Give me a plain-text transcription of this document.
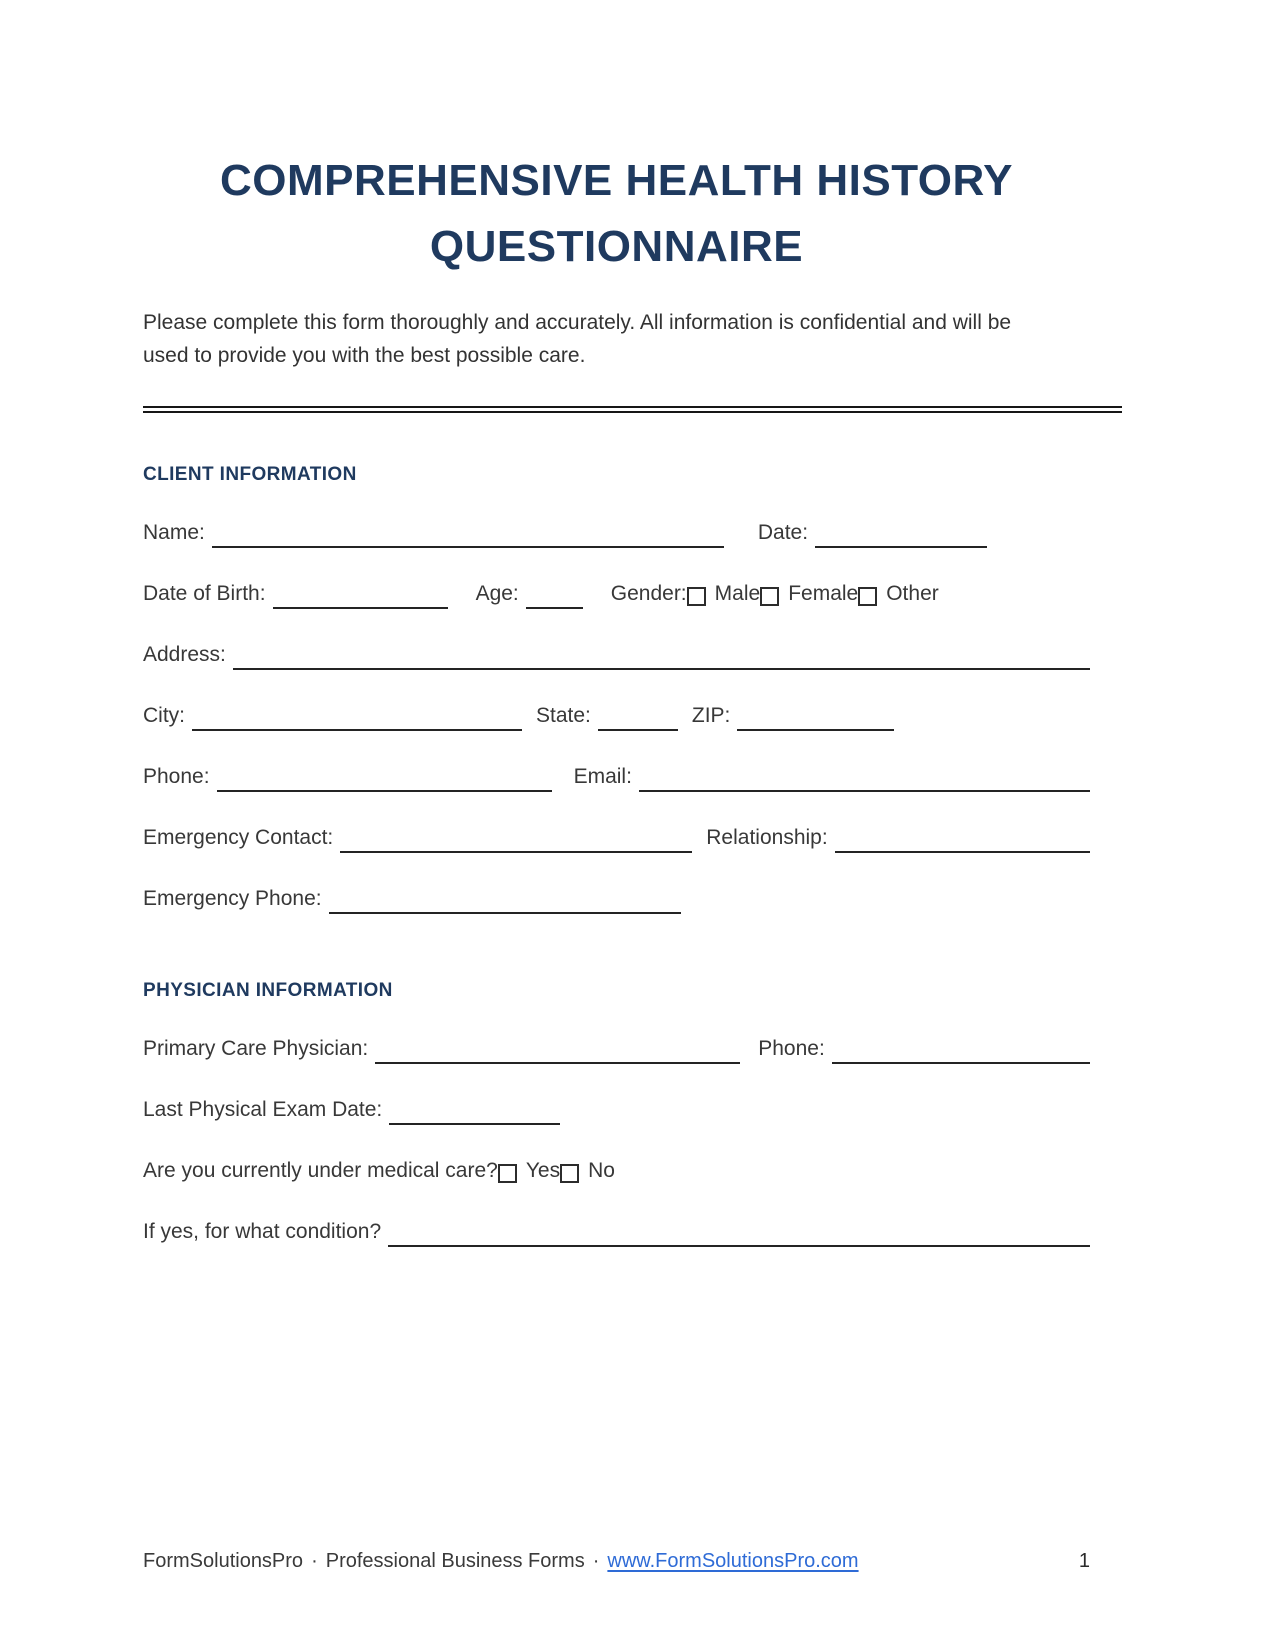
COMPREHENSIVE HEALTH HISTORY QUESTIONNAIRE

Please complete this form thoroughly and accurately. All information is confidential and will be used to provide you with the best possible care.

CLIENT INFORMATION
Name:	Date:
Date of Birth:	Age:	Gender: Male Female Other
Address:
City:	State:	ZIP:
Phone:	Email:
Emergency Contact:	Relationship:
Emergency Phone:
PHYSICIAN INFORMATION
Primary Care Physician:	Phone:
Last Physical Exam Date:
Are you currently under medical care? Yes No
If yes, for what condition?
FormSolutionsPro · Professional Business Forms · www.FormSolutionsPro.com	1
